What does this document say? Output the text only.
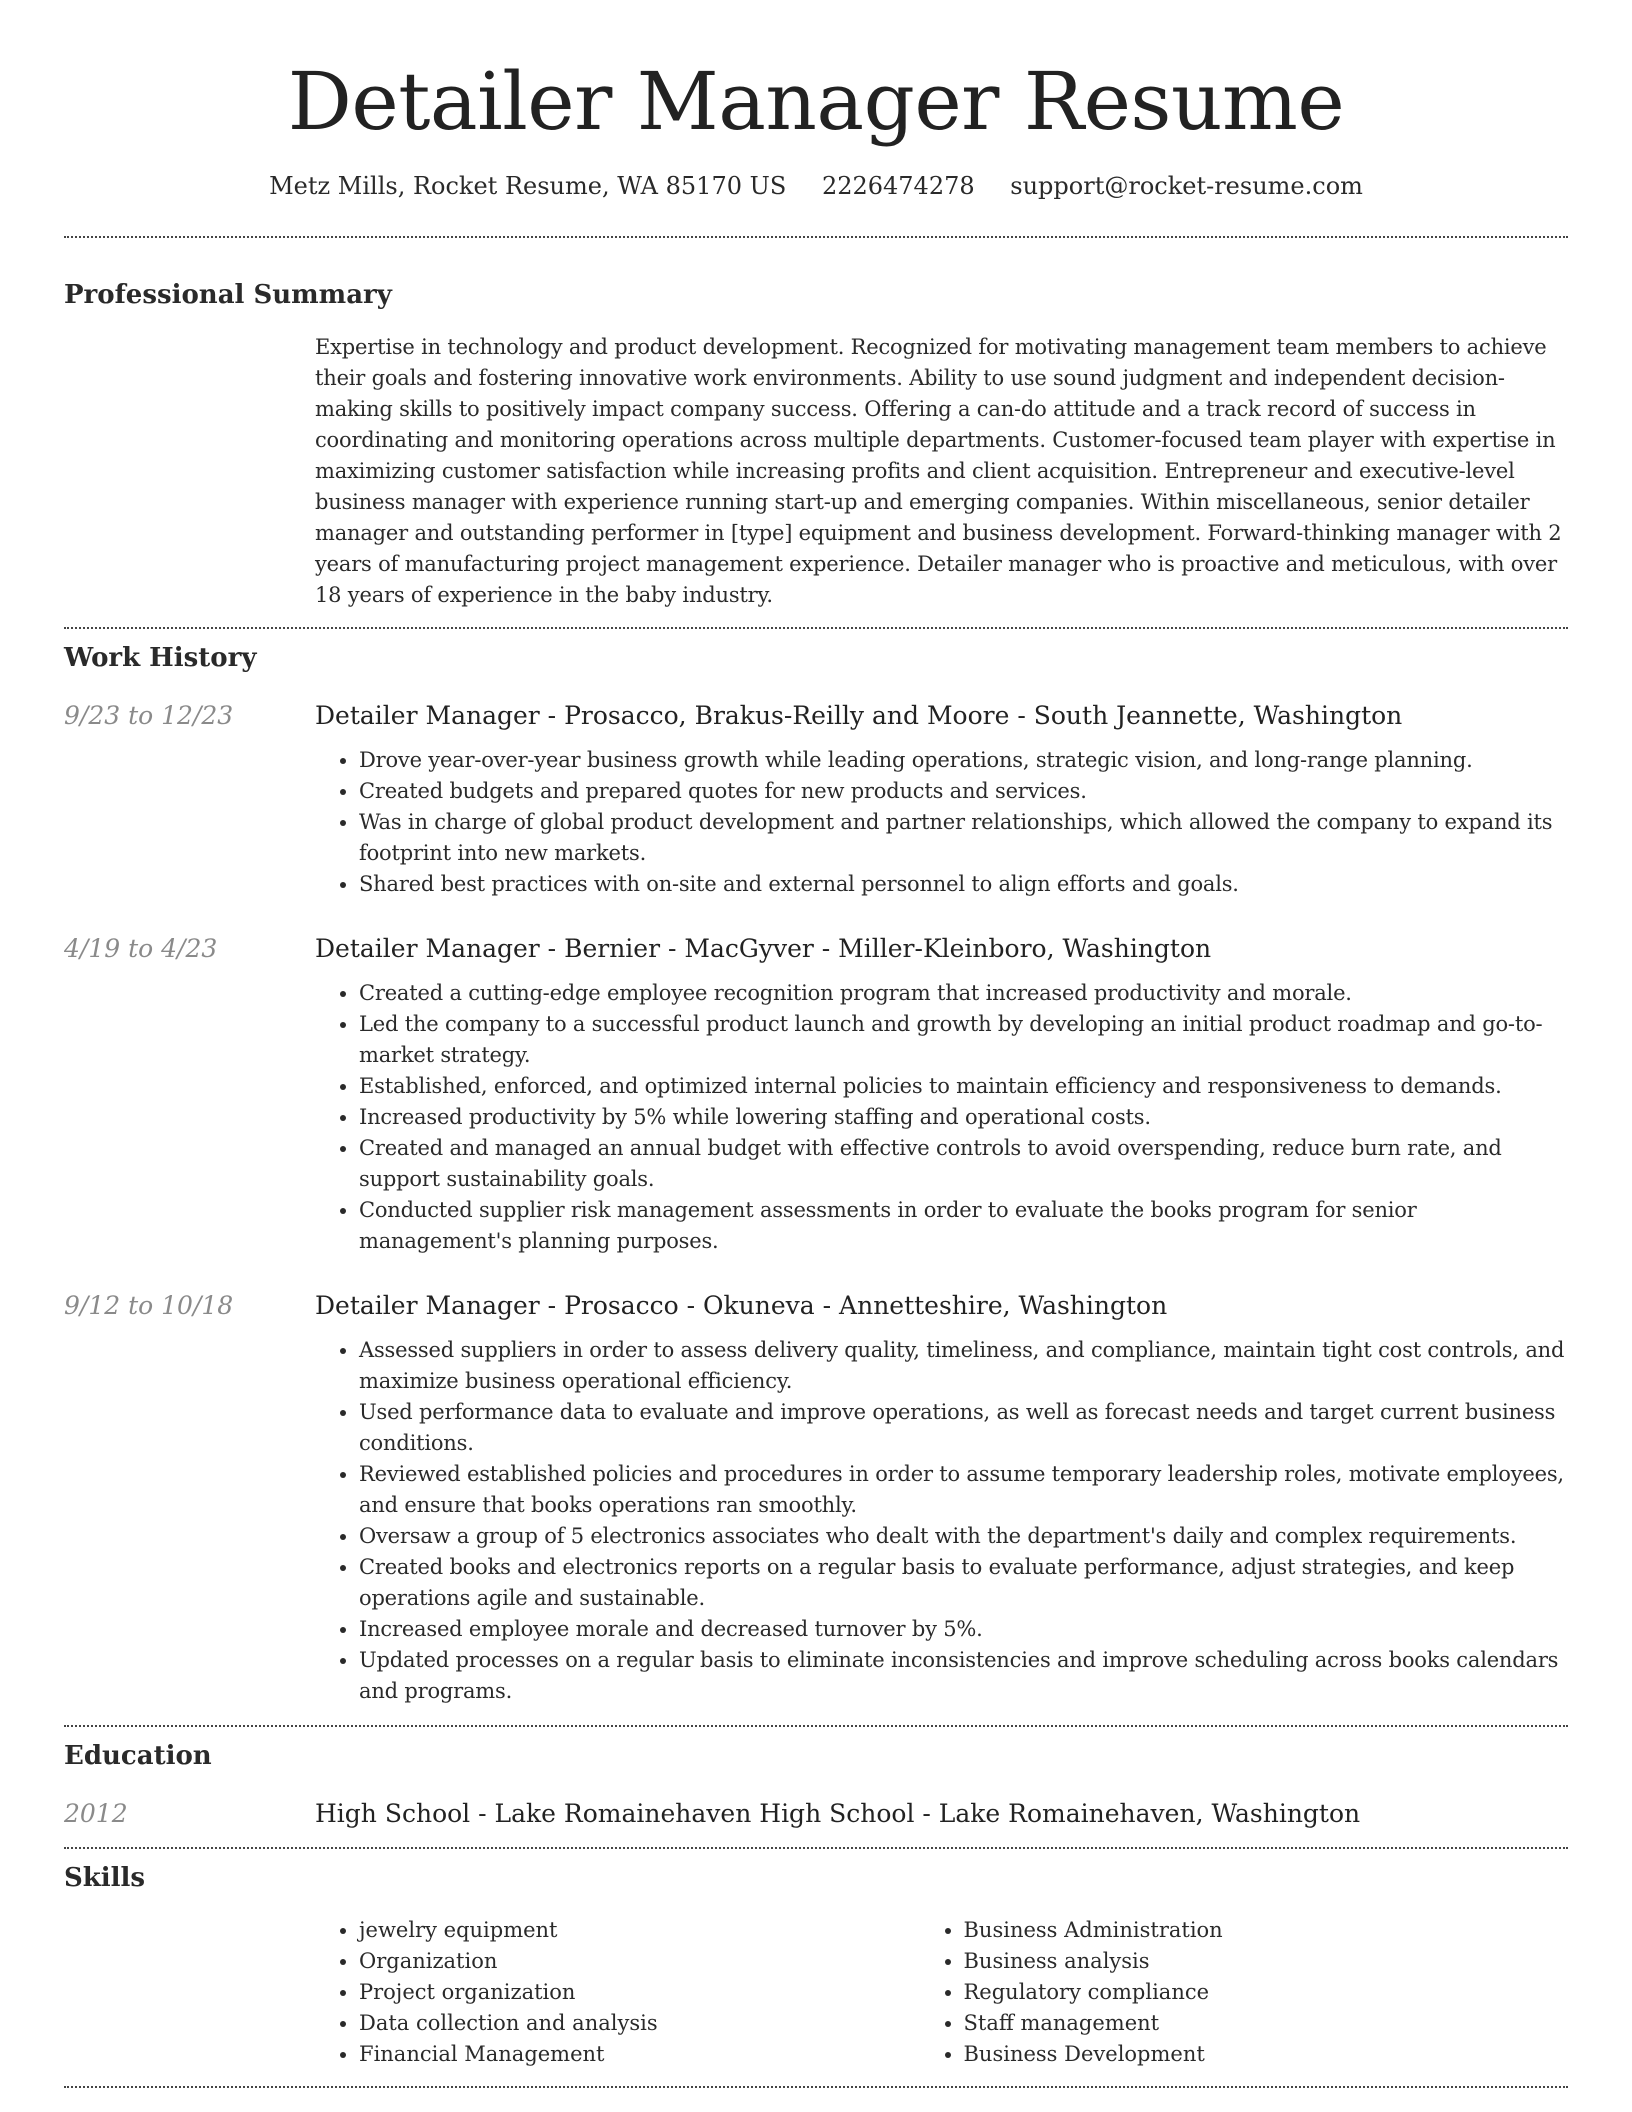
Detailer Manager Resume
Metz Mills, Rocket Resume, WA 85170 US 2226474278 support@rocket-resume.com
Professional Summary

Expertise in technology and product development. Recognized for motivating management team members to achieve their goals and fostering innovative work environments. Ability to use sound judgment and independent decision-making skills to positively impact company success. Offering a can-do attitude and a track record of success in coordinating and monitoring operations across multiple departments. Customer-focused team player with expertise in maximizing customer satisfaction while increasing profits and client acquisition. Entrepreneur and executive-level business manager with experience running start-up and emerging companies. Within miscellaneous, senior detailer manager and outstanding performer in [type] equipment and business development. Forward-thinking manager with 2 years of manufacturing project management experience. Detailer manager who is proactive and meticulous, with over 18 years of experience in the baby industry.

Work History
9/23 to 12/23	Detailer Manager - Prosacco, Brakus-Reilly and Moore - South Jeannette, Washington
• Drove year-over-year business growth while leading operations, strategic vision, and long-range planning.
• Created budgets and prepared quotes for new products and services.
• Was in charge of global product development and partner relationships, which allowed the company to expand its footprint into new markets.
• Shared best practices with on-site and external personnel to align efforts and goals.
4/19 to 4/23	Detailer Manager - Bernier - MacGyver - Miller-Kleinboro, Washington
• Created a cutting-edge employee recognition program that increased productivity and morale.
• Led the company to a successful product launch and growth by developing an initial product roadmap and go-to-market strategy.
• Established, enforced, and optimized internal policies to maintain efficiency and responsiveness to demands.
• Increased productivity by 5% while lowering staffing and operational costs.
• Created and managed an annual budget with effective controls to avoid overspending, reduce burn rate, and support sustainability goals.
• Conducted supplier risk management assessments in order to evaluate the books program for senior management's planning purposes.
9/12 to 10/18	Detailer Manager - Prosacco - Okuneva - Annetteshire, Washington
• Assessed suppliers in order to assess delivery quality, timeliness, and compliance, maintain tight cost controls, and maximize business operational efficiency.
• Used performance data to evaluate and improve operations, as well as forecast needs and target current business conditions.
• Reviewed established policies and procedures in order to assume temporary leadership roles, motivate employees, and ensure that books operations ran smoothly.
• Oversaw a group of 5 electronics associates who dealt with the department's daily and complex requirements.
• Created books and electronics reports on a regular basis to evaluate performance, adjust strategies, and keep operations agile and sustainable.
• Increased employee morale and decreased turnover by 5%.
• Updated processes on a regular basis to eliminate inconsistencies and improve scheduling across books calendars and programs.
Education
2012	High School - Lake Romainehaven High School - Lake Romainehaven, Washington
Skills
• jewelry equipment
• Organization
• Project organization
• Data collection and analysis
• Financial Management
• Business Administration
• Business analysis
• Regulatory compliance
• Staff management
• Business Development
